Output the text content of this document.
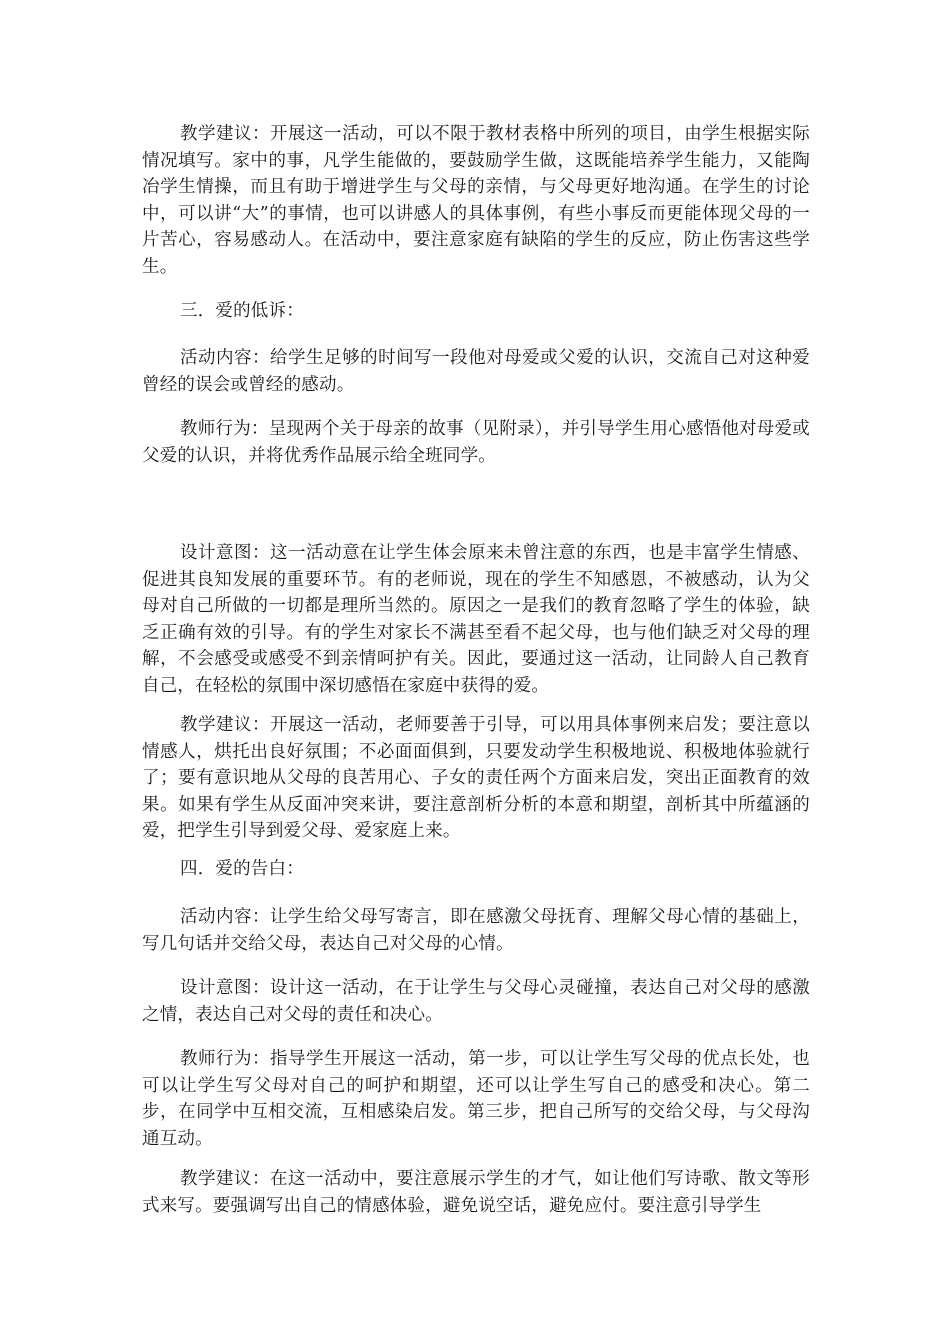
教学建议：开展这一活动，可以不限于教材表格中所列的项目，由学生根据实际情况填写。家中的事，凡学生能做的，要鼓励学生做，这既能培养学生能力，又能陶冶学生情操，而且有助于增进学生与父母的亲情，与父母更好地沟通。在学生的讨论中，可以讲“大”的事情，也可以讲感人的具体事例，有些小事反而更能体现父母的一片苦心，容易感动人。在活动中，要注意家庭有缺陷的学生的反应，防止伤害这些学生。

三．爱的低诉：

活动内容：给学生足够的时间写一段他对母爱或父爱的认识，交流自己对这种爱曾经的误会或曾经的感动。

教师行为：呈现两个关于母亲的故事（见附录），并引导学生用心感悟他对母爱或父爱的认识，并将优秀作品展示给全班同学。

设计意图：这一活动意在让学生体会原来未曾注意的东西，也是丰富学生情感、促进其良知发展的重要环节。有的老师说，现在的学生不知感恩，不被感动，认为父母对自己所做的一切都是理所当然的。原因之一是我们的教育忽略了学生的体验，缺乏正确有效的引导。有的学生对家长不满甚至看不起父母，也与他们缺乏对父母的理解，不会感受或感受不到亲情呵护有关。因此，要通过这一活动，让同龄人自己教育自己，在轻松的氛围中深切感悟在家庭中获得的爱。

教学建议：开展这一活动，老师要善于引导，可以用具体事例来启发；要注意以情感人，烘托出良好氛围；不必面面俱到，只要发动学生积极地说、积极地体验就行了；要有意识地从父母的良苦用心、子女的责任两个方面来启发，突出正面教育的效果。如果有学生从反面冲突来讲，要注意剖析分析的本意和期望，剖析其中所蕴涵的爱，把学生引导到爱父母、爱家庭上来。

四．爱的告白：

活动内容：让学生给父母写寄言，即在感激父母抚育、理解父母心情的基础上，写几句话并交给父母，表达自己对父母的心情。

设计意图：设计这一活动，在于让学生与父母心灵碰撞，表达自己对父母的感激之情，表达自己对父母的责任和决心。

教师行为：指导学生开展这一活动，第一步，可以让学生写父母的优点长处，也可以让学生写父母对自己的呵护和期望，还可以让学生写自己的感受和决心。第二步，在同学中互相交流，互相感染启发。第三步，把自己所写的交给父母，与父母沟通互动。

教学建议：在这一活动中，要注意展示学生的才气，如让他们写诗歌、散文等形式来写。要强调写出自己的情感体验，避免说空话，避免应付。要注意引导学生
